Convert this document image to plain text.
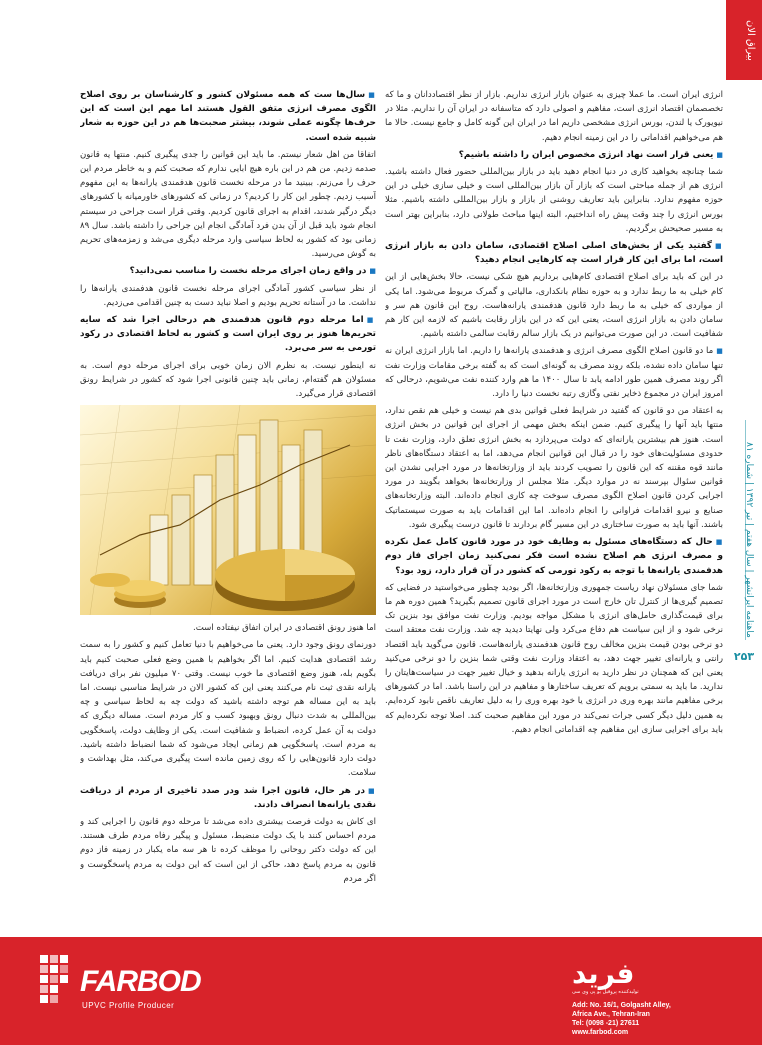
بیراق الان
ماهنامه ایرانشهر | سال هفتم | تیر ۱۳۹۲ | شماره ۸۱
۲۵۳
انرژی ایران است. ما عملا چیزی به عنوان بازار انرژی نداریم. بازار از نظر اقتصاددانان و ما که تخصصمان اقتصاد انرژی است، مفاهیم و اصولی دارد که متاسفانه در ایران آن را نداریم. مثلا در نیویورک یا لندن، بورس انرژی مشخصی داریم اما در ایران این گونه کامل و جامع نیست. حالا ما هم می‌خواهیم اقداماتی را در این زمینه انجام دهیم.
■ یعنی قرار است نهاد انرژی مخصوص ایران را داشته باشیم؟
شما چنانچه بخواهید کاری در دنیا انجام دهید باید در بازار بین‌المللی حضور فعال داشته باشید. انرژی هم از جمله مباحثی است که بازار آن بازار بین‌المللی است و خیلی سازی خیلی در این حوزه مفهوم ندارد. بنابراین باید تعاریف روشنی از بازار و بازار بین‌المللی داشته باشیم. مثلا بورس انرژی را چند وقت پیش راه انداختیم، البته اینها مباحث طولانی دارد، بنابراین بهتر است به مسیر صحیحش برگردیم.
■ گفتید یکی از بخش‌های اصلی اصلاح اقتصادی، سامان دادن به بازار انرژی است، اما برای این کار قرار است چه کارهایی انجام دهید؟
در این که باید برای اصلاح اقتصادی کام‌هایی برداریم هیچ شکی نیست، حالا بخش‌هایی از این کام خیلی به ما ربط ندارد و به حوزه نظام بانکداری، مالیاتی و گمرک مربوط می‌شود. اما یکی از مواردی که خیلی به ما ربط دارد قانون هدفمندی یارانه‌هاست. روح این قانون هم سر و سامان دادن به بازار انرژی است، یعنی این که در این بازار رقابت باشیم که لازمه این کار هم شفافیت است. در این صورت می‌توانیم در یک بازار سالم رقابت سالمی داشته باشیم.
■ما دو قانون اصلاح الگوی مصرف انرژی و هدفمندی یارانه‌ها را داریم. اما بازار انرژی ایران نه تنها سامان داده نشده، بلکه روند مصرف به گونه‌ای است که به گفته برخی مقامات وزارت نفت اگر روند مصرف همین طور ادامه یابد تا سال ۱۴۰۰ ما هم وارد کننده نفت می‌شویم، درحالی که امروز ایران در مجموع ذخایر نفتی وگازی رتبه نخست دنیا را دارد.
به اعتقاد من دو قانون که گفتید در شرایط فعلی قوانین بدی هم نیست و خیلی هم نقص ندارد، منتها باید آنها را پیگیری کنیم. ضمن اینکه بخش مهمی از اجرای این قوانین در بخش انرژی است. هنوز هم بیشترین یارانه‌ای که دولت می‌پردازد به بخش انرژی تعلق دارد، وزارت نفت تا حدودی مسئولیت‌های خود را در قبال این قوانین انجام می‌دهد، اما به اعتقاد دستگاه‌های ناظر مانند قوه مقننه که این قانون را تصویب کردند باید از وزارتخانه‌ها در مورد اجرایی نشدن این قوانین سئوال بپرسند نه در موارد دیگر. مثلا مجلس از وزارتخانه‌ها بخواهد بگویند در مورد اجرایی کردن قانون اصلاح الگوی مصرف سوخت چه کاری انجام داده‌اند. البته وزارتخانه‌های صنایع و نیرو اقدامات فراوانی را انجام داده‌اند. اما این اقدامات باید به صورت سیستماتیک باشند. آنها باید به صورت ساختاری در این مسیر گام بردارند تا قانون درست پیگیری شود.
■ حال که دستگاه‌های مسئول به وظایف خود در مورد قانون کامل عمل نکرده و مصرف انرژی هم اصلاح نشده است فکر نمی‌کنید زمان اجرای فاز دوم هدفمندی یارانه‌ها با توجه به رکود تورمی که کشور در آن قرار دارد، زود بود؟
شما جای مسئولان نهاد ریاست جمهوری وزارتخانه‌ها، اگر بودید چطور می‌خواستید در فضایی که تصمیم گیری‌ها از کنترل تان خارج است در مورد اجرای قانون تصمیم بگیرید؟ همین دوره هم ما برای قیمت‌گذاری حامل‌های انرژی با مشکل مواجه بودیم. وزارت نفت موافق بود بنزین تک نرخی شود و از این سیاست هم دفاع می‌کرد ولی نهایتا دیدید چه شد. وزارت نفت معتقد است دو نرخی بودن قیمت بنزین مخالف روح قانون هدفمندی یارانه‌هاست. قانون می‌گوید باید اقتصاد رانتی و یارانه‌ای تغییر جهت دهد، به اعتقاد وزارت نفت وقتی شما بنزین را دو نرخی می‌کنید یعنی این که همچنان در نظر دارید به انرژی یارانه بدهید و خیال تغییر جهت در سیاست‌هایتان را ندارید. ما باید به سمتی برویم که تعریف ساختارها و مفاهیم در این راستا باشد. اما در کشورهای برخی مفاهیم مانند بهره وری در انرژی یا خود بهره وری را به دلیل تعاریف ناقص نابود کرده‌ایم. به همین دلیل دیگر کسی جرات نمی‌کند در مورد این مفاهیم صحبت کند. اصلا توجه نکرده‌ایم که باید برای اجرایی سازی این مفاهیم چه اقداماتی انجام دهیم.
■ سال‌ها ست که همه مسئولان کشور و کارشناسان بر روی اصلاح الگوی مصرف انرژی متفق القول هستند اما مهم این است که این حرف‌ها چگونه عملی شوند، بیشتر صحبت‌ها هم در این حوزه به شعار شبیه شده است.
اتفاقا من اهل شعار نیستم. ما باید این قوانین را جدی پیگیری کنیم. منتها یه قانون صدمه زدیم. من هم در این باره هیچ ابایی ندارم که صحبت کنم و به خاطر مردم این حرف را می‌زنم. ببینید ما در مرحله نخست قانون هدفمندی یارانه‌ها به این مفهوم آسیب زدیم. چطور این کار را کردیم؟ در زمانی که کشورهای خاورمیانه با کشورهای دیگر درگیر شدند، اقدام به اجرای قانون کردیم. وقتی قرار است جراحی در سیستم انجام شود باید قبل از آن بدن فرد آمادگی انجام این جراحی را داشته باشد. سال ۸۹ زمانی بود که کشور به لحاظ سیاسی وارد مرحله دیگری می‌شد و زمزمه‌های تحریم به گوش می‌رسید.
■ در واقع زمان اجرای مرحله نخست را مناسب نمی‌دانید؟
از نظر سیاسی کشور آمادگی اجرای مرحله نخست قانون هدفمندی یارانه‌ها را نداشت. ما در آستانه تحریم بودیم و اصلا نباید دست به چنین اقدامی می‌زدیم.
■ اما مرحله دوم قانون هدفمندی هم درحالی اجرا شد که سایه تحریم‌ها هنوز بر روی ایران است و کشور به لحاظ اقتصادی در رکود تورمی به سر می‌برد.
نه اینطور نیست. به نظرم الان زمان خوبی برای اجرای مرحله دوم است. به مسئولان هم گفته‌ام، زمانی باید چنین قانونی اجرا شود که کشور در شرایط رونق اقتصادی قرار می‌گیرد.
اما هنوز رونق اقتصادی در ایران اتفاق نیفتاده است.
دورنمای رونق وجود دارد. یعنی ما می‌خواهیم با دنیا تعامل کنیم و کشور را به سمت رشد اقتصادی هدایت کنیم. اما اگر بخواهیم با همین وضع فعلی صحبت کنیم باید بگویم بله، هنوز وضع اقتصادی ما خوب نیست. وقتی ۷۰ میلیون نفر برای دریافت یارانه نقدی ثبت نام می‌کنند یعنی این که کشور الان در شرایط مناسبی نیست. اما باید به این مساله هم توجه داشته باشید که دولت چه به لحاظ سیاسی و چه بین‌المللی به شدت دنبال رونق وبهبود کسب و کار مردم است. مساله دیگری که دولت به آن عمل کرده، انضباط و شفافیت است. یکی از وظایف دولت، پاسخگویی به مردم است. پاسخگویی هم زمانی ایجاد می‌شود که شما انضباط داشته باشید. دولت دارد قانون‌هایی را که روی زمین مانده است پیگیری می‌کند، مثل بهداشت و سلامت.
■ در هر حال، قانون اجرا شد ودر صدد تاخیری از مردم از دریافت نقدی یارانه‌ها انصراف دادند.
ای کاش به دولت فرصت بیشتری داده می‌شد تا مرحله دوم قانون را اجرایی کند و مردم احساس کنند با یک دولت منضبط، مسئول و پیگیر رفاه مردم طرف هستند. این که دولت دکتر روحانی را موظف کرده تا هر سه ماه یکبار در زمینه فاز دوم قانون به مردم پاسخ دهد، حاکی از این است که این دولت به مردم پاسخگوست و اگر مردم
FARBOD
UPVC Profile Producer
فرید
تولیدکننده پروفیل یو پی وی سی
Add: No. 16/1, Golgasht Alley,
Africa Ave., Tehran-Iran
Tel: (0098 -21) 27611
www.farbod.com
